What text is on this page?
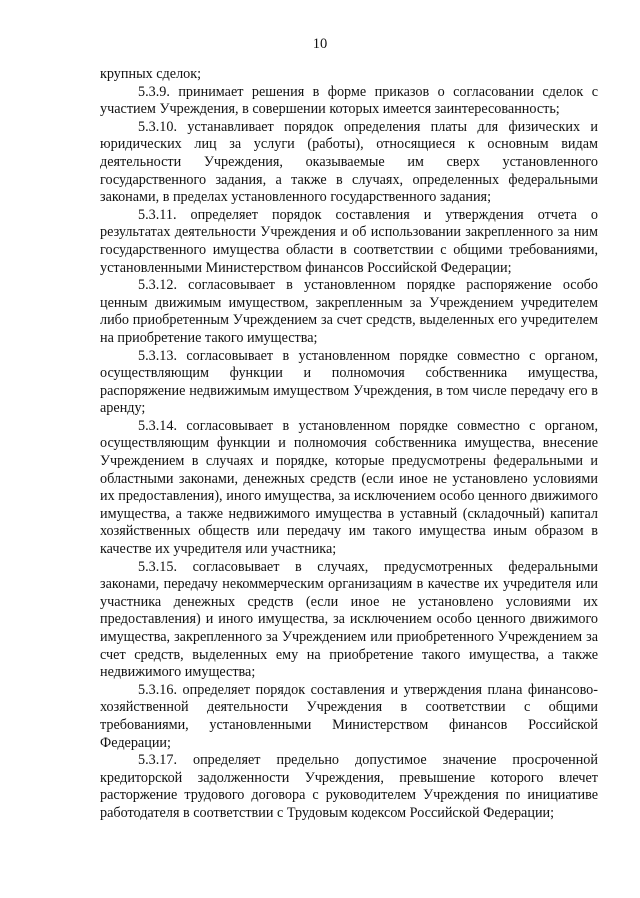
10

крупных сделок;

5.3.9. принимает решения в форме приказов о согласовании сделок с участием Учреждения, в совершении которых имеется заинтересованность;

5.3.10. устанавливает порядок определения платы для физических и юридических лиц за услуги (работы), относящиеся к основным видам деятельности Учреждения, оказываемые им сверх установленного государственного задания, а также в случаях, определенных федеральными законами, в пределах установленного государственного задания;

5.3.11. определяет порядок составления и утверждения отчета о результатах деятельности Учреждения и об использовании закрепленного за ним государственного имущества области в соответствии с общими требованиями, установленными Министерством финансов Российской Федерации;

5.3.12. согласовывает в установленном порядке распоряжение особо ценным движимым имуществом, закрепленным за Учреждением учредителем либо приобретенным Учреждением за счет средств, выделенных его учредителем на приобретение такого имущества;

5.3.13. согласовывает в установленном порядке совместно с органом, осуществляющим функции и полномочия собственника имущества, распоряжение недвижимым имуществом Учреждения, в том числе передачу его в аренду;

5.3.14. согласовывает в установленном порядке совместно с органом, осуществляющим функции и полномочия собственника имущества, внесение Учреждением в случаях и порядке, которые предусмотрены федеральными и областными законами, денежных средств (если иное не установлено условиями их предоставления), иного имущества, за исключением особо ценного движимого имущества, а также недвижимого имущества в уставный (складочный) капитал хозяйственных обществ или передачу им такого имущества иным образом в качестве их учредителя или участника;

5.3.15. согласовывает в случаях, предусмотренных федеральными законами, передачу некоммерческим организациям в качестве их учредителя или участника денежных средств (если иное не установлено условиями их предоставления) и иного имущества, за исключением особо ценного движимого имущества, закрепленного за Учреждением или приобретенного Учреждением за счет средств, выделенных ему на приобретение такого имущества, а также недвижимого имущества;

5.3.16. определяет порядок составления и утверждения плана финансово-хозяйственной деятельности Учреждения в соответствии с общими требованиями, установленными Министерством финансов Российской Федерации;

5.3.17. определяет предельно допустимое значение просроченной кредиторской задолженности Учреждения, превышение которого влечет расторжение трудового договора с руководителем Учреждения по инициативе работодателя в соответствии с Трудовым кодексом Российской Федерации;
